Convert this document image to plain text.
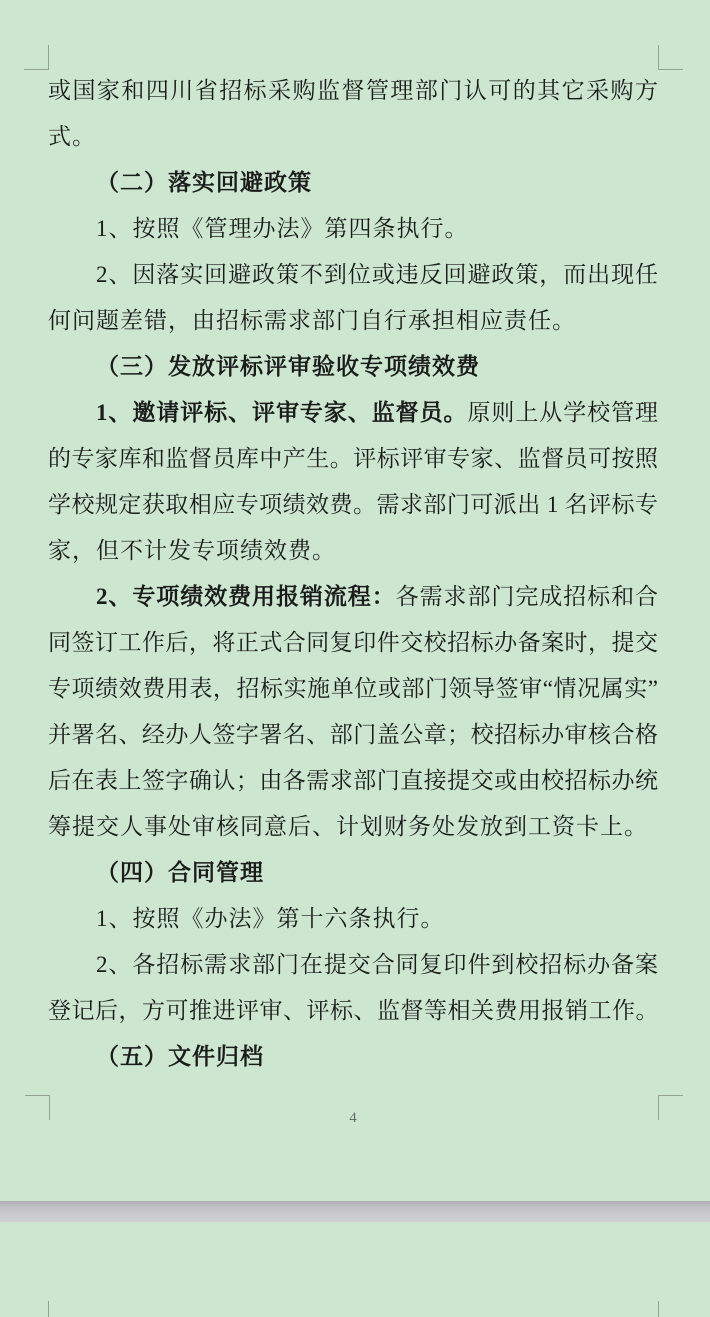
或国家和四川省招标采购监督管理部门认可的其它采购方
式。
（二）落实回避政策
1、按照《管理办法》第四条执行。
2、因落实回避政策不到位或违反回避政策，而出现任
何问题差错，由招标需求部门自行承担相应责任。
（三）发放评标评审验收专项绩效费
1、邀请评标、评审专家、监督员。原则上从学校管理
的专家库和监督员库中产生。评标评审专家、监督员可按照
学校规定获取相应专项绩效费。需求部门可派出 1 名评标专
家，但不计发专项绩效费。
2、专项绩效费用报销流程：各需求部门完成招标和合
同签订工作后，将正式合同复印件交校招标办备案时，提交
专项绩效费用表，招标实施单位或部门领导签审“情况属实”
并署名、经办人签字署名、部门盖公章；校招标办审核合格
后在表上签字确认；由各需求部门直接提交或由校招标办统
筹提交人事处审核同意后、计划财务处发放到工资卡上。
（四）合同管理
1、按照《办法》第十六条执行。
2、各招标需求部门在提交合同复印件到校招标办备案
登记后，方可推进评审、评标、监督等相关费用报销工作。
（五）文件归档
4
